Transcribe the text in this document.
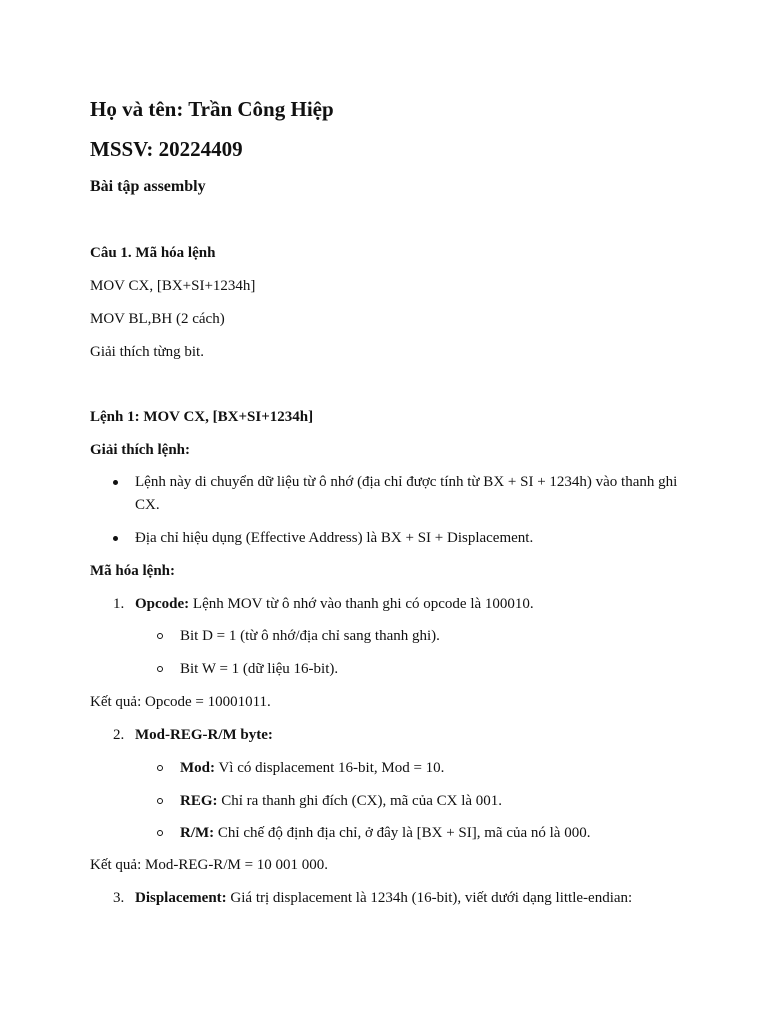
Họ và tên: Trần Công Hiệp
MSSV: 20224409
Bài tập assembly
Câu 1. Mã hóa lệnh
MOV CX, [BX+SI+1234h]
MOV BL,BH (2 cách)
Giải thích từng bit.
Lệnh 1: MOV CX, [BX+SI+1234h]
Giải thích lệnh:
Lệnh này di chuyển dữ liệu từ ô nhớ (địa chỉ được tính từ BX + SI + 1234h) vào thanh ghi CX.
Địa chỉ hiệu dụng (Effective Address) là BX + SI + Displacement.
Mã hóa lệnh:
1. Opcode: Lệnh MOV từ ô nhớ vào thanh ghi có opcode là 100010.
Bit D = 1 (từ ô nhớ/địa chỉ sang thanh ghi).
Bit W = 1 (dữ liệu 16-bit).
Kết quả: Opcode = 10001011.
2. Mod-REG-R/M byte:
Mod: Vì có displacement 16-bit, Mod = 10.
REG: Chỉ ra thanh ghi đích (CX), mã của CX là 001.
R/M: Chỉ chế độ định địa chỉ, ở đây là [BX + SI], mã của nó là 000.
Kết quả: Mod-REG-R/M = 10 001 000.
3. Displacement: Giá trị displacement là 1234h (16-bit), viết dưới dạng little-endian:
